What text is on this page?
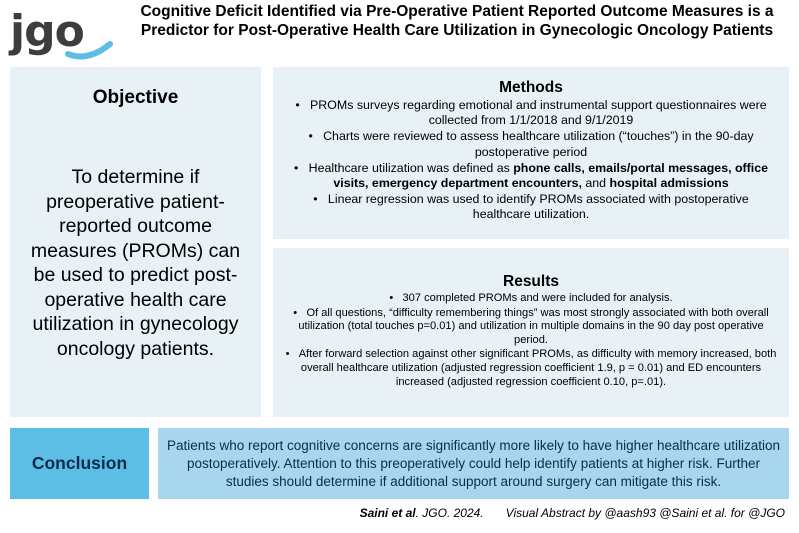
jgo	Cognitive Deficit Identified via Pre-Operative Patient Reported Outcome Measures is a Predictor for Post-Operative Health Care Utilization in Gynecologic Oncology Patients
Objective

To determine if preoperative patient-reported outcome measures (PROMs) can be used to predict post-operative health care utilization in gynecology oncology patients.

Methods
•   PROMs surveys regarding emotional and instrumental support questionnaires were collected from 1/1/2018 and 9/1/2019
•   Charts were reviewed to assess healthcare utilization (“touches”) in the 90-day postoperative period
•   Healthcare utilization was defined as phone calls, emails/portal messages, office visits, emergency department encounters, and hospital admissions
•   Linear regression was used to identify PROMs associated with postoperative healthcare utilization.
Results
•   307 completed PROMs and were included for analysis.
•   Of all questions, “difficulty remembering things” was most strongly associated with both overall utilization (total touches p=0.01) and utilization in multiple domains in the 90 day post operative period.
•   After forward selection against other significant PROMs, as difficulty with memory increased, both overall healthcare utilization (adjusted regression coefficient 1.9, p = 0.01) and ED encounters increased (adjusted regression coefficient 0.10, p=.01).
Conclusion
Patients who report cognitive concerns are significantly more likely to have higher healthcare utilization postoperatively. Attention to this preoperatively could help identify patients at higher risk. Further studies should determine if additional support around surgery can mitigate this risk.
Saini et al. JGO. 2024. Visual Abstract by @aash93 @Saini et al. for @JGO
